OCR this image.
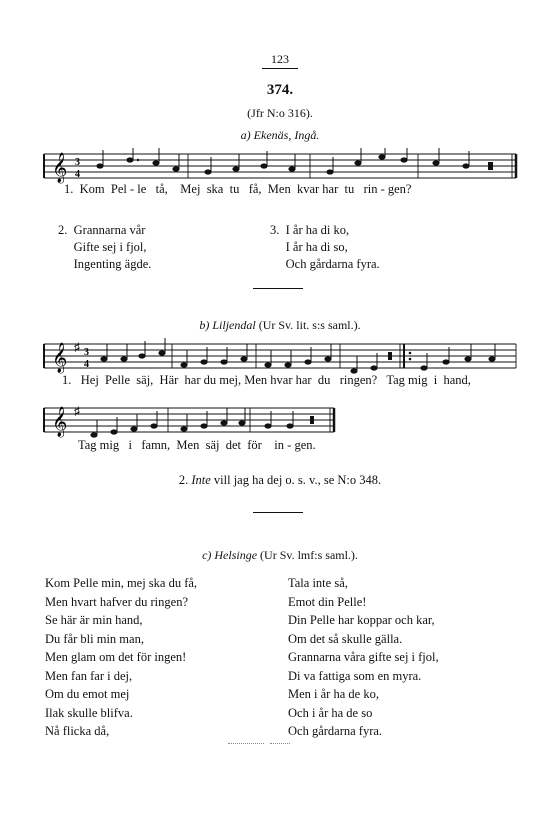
123
374.
(Jfr N:o 316).
a) Ekenäs, Ingå.
𝄞 3
4
1.  Kom  Pel - le   tå,    Mej  ska  tu   få,  Men  kvar har  tu   rin - gen?
2.  Grannarna vår
Gifte sej i fjol,
Ingenting ägde.
3.  I år ha di ko,
I år ha di so,
Och gårdarna fyra.
b) Liljendal (Ur Sv. lit. s:s saml.).
𝄞 ♯ 3
4
1.   Hej  Pelle  säj,  Här  har du mej, Men hvar har  du   ringen?   Tag mig  i  hand,
𝄞 ♯
Tag mig   i   famn,  Men  säj  det  för    in - gen.
2. Inte vill jag ha dej o. s. v., se N:o 348.
c) Helsinge (Ur Sv. lmf:s saml.).
Kom Pelle min, mej ska du få,
Men hvart hafver du ringen?
Se här är min hand,
Du får bli min man,
Men glam om det för ingen!
Men fan far i dej,
Om du emot mej
Ilak skulle blifva.
Nå flicka då,
Tala inte så,
Emot din Pelle!
Din Pelle har koppar och kar,
Om det så skulle gälla.
Grannarna våra gifte sej i fjol,
Di va fattiga som en myra.
Men i år ha de ko,
Och i år ha de so
Och gårdarna fyra.
